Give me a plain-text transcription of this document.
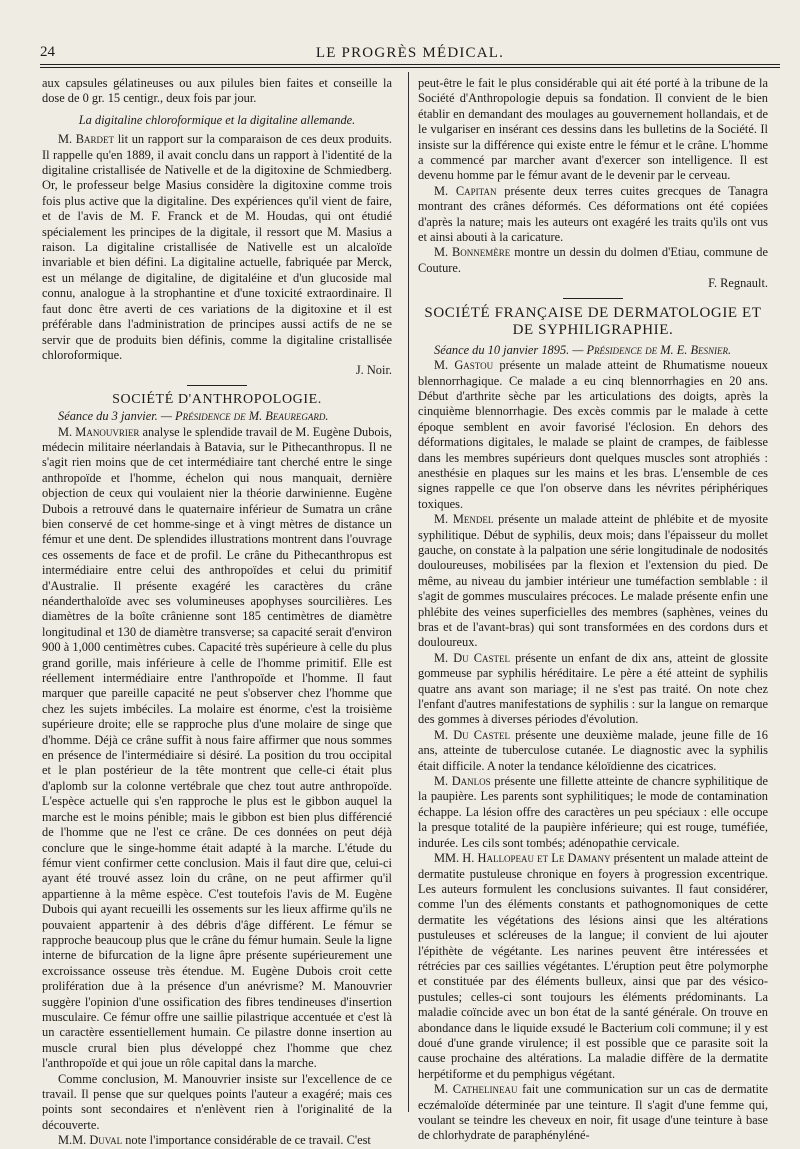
24	LE PROGRÈS MÉDICAL.

aux capsules gélatineuses ou aux pilules bien faites et conseille la dose de 0 gr. 15 centigr., deux fois par jour.

La digitaline chloroformique et la digitaline allemande.

M. Bardet lit un rapport sur la comparaison de ces deux produits. Il rappelle qu'en 1889, il avait conclu dans un rapport à l'identité de la digitaline cristallisée de Nativelle et de la digitoxine de Schmiedberg. Or, le professeur belge Masius considère la digitoxine comme trois fois plus active que la digitaline. Des expériences qu'il vient de faire, et de l'avis de M. F. Franck et de M. Houdas, qui ont étudié spécialement les principes de la digitale, il ressort que M. Masius a raison. La digitaline cristallisée de Nativelle est un alcaloïde invariable et bien défini. La digitaline actuelle, fabriquée par Merck, est un mélange de digitaline, de digitaléine et d'un glucoside mal connu, analogue à la strophantine et d'une toxicité extraordinaire. Il faut donc être averti de ces variations de la digitoxine et il est préférable dans l'administration de principes aussi actifs de ne se servir que de produits bien définis, comme la digitaline cristallisée chloroformique.

J. Noir.

SOCIÉTÉ D'ANTHROPOLOGIE.

Séance du 3 janvier. — Présidence de M. Beauregard.

M. Manouvrier analyse le splendide travail de M. Eugène Dubois, médecin militaire néerlandais à Batavia, sur le Pithecanthropus. Il ne s'agit rien moins que de cet intermédiaire tant cherché entre le singe anthropoïde et l'homme, échelon qui nous manquait, dernière objection de ceux qui voulaient nier la théorie darwinienne. Eugène Dubois a retrouvé dans le quaternaire inférieur de Sumatra un crâne bien conservé de cet homme-singe et à vingt mètres de distance un fémur et une dent. De splendides illustrations montrent dans l'ouvrage ces ossements de face et de profil. Le crâne du Pithecanthropus est intermédiaire entre celui des anthropoïdes et celui du primitif d'Australie. Il présente exagéré les caractères du crâne néanderthaloïde avec ses volumineuses apophyses sourcilières. Les diamètres de la boîte crânienne sont 185 centimètres de diamètre longitudinal et 130 de diamètre transverse; sa capacité serait d'environ 900 à 1,000 centimètres cubes. Capacité très supérieure à celle du plus grand gorille, mais inférieure à celle de l'homme primitif. Elle est réellement intermédiaire entre l'anthropoïde et l'homme. Il faut marquer que pareille capacité ne peut s'observer chez l'homme que chez les sujets imbéciles. La molaire est énorme, c'est la troisième supérieure droite; elle se rapproche plus d'une molaire de singe que d'homme. Déjà ce crâne suffit à nous faire affirmer que nous sommes en présence de l'intermédiaire si désiré. La position du trou occipital et le plan postérieur de la tête montrent que celle-ci était plus d'aplomb sur la colonne vertébrale que chez tout autre anthropoïde. L'espèce actuelle qui s'en rapproche le plus est le gibbon auquel la marche est le moins pénible; mais le gibbon est bien plus différencié de l'homme que ne l'est ce crâne. De ces données on peut déjà conclure que le singe-homme était adapté à la marche. L'étude du fémur vient confirmer cette conclusion. Mais il faut dire que, celui-ci ayant été trouvé assez loin du crâne, on ne peut affirmer qu'il appartienne à la même espèce. C'est toutefois l'avis de M. Eugène Dubois qui ayant recueilli les ossements sur les lieux affirme qu'ils ne pouvaient appartenir à des débris d'âge différent. Le fémur se rapproche beaucoup plus que le crâne du fémur humain. Seule la ligne interne de bifurcation de la ligne âpre présente supérieurement une excroissance osseuse très étendue. M. Eugène Dubois croit cette prolifération due à la présence d'un anévrisme? M. Manouvrier suggère l'opinion d'une ossification des fibres tendineuses d'insertion musculaire. Ce fémur offre une saillie pilastrique accentuée et c'est là un caractère essentiellement humain. Ce pilastre donne insertion au muscle crural bien plus développé chez l'homme que chez l'anthropoïde et qui joue un rôle capital dans la marche.

Comme conclusion, M. Manouvrier insiste sur l'excellence de ce travail. Il pense que sur quelques points l'auteur a exagéré; mais ces points sont secondaires et n'enlèvent rien à l'originalité de la découverte.

M.M. Duval note l'importance considérable de ce travail. C'est

peut-être le fait le plus considérable qui ait été porté à la tribune de la Société d'Anthropologie depuis sa fondation. Il convient de le bien établir en demandant des moulages au gouvernement hollandais, et de le vulgariser en insérant ces dessins dans les bulletins de la Société. Il insiste sur la différence qui existe entre le fémur et le crâne. L'homme a commencé par marcher avant d'exercer son intelligence. Il est devenu homme par le fémur avant de le devenir par le cerveau.

M. Capitan présente deux terres cuites grecques de Tanagra montrant des crânes déformés. Ces déformations ont été copiées d'après la nature; mais les auteurs ont exagéré les traits qu'ils ont vus et ainsi abouti à la caricature.

M. Bonnemère montre un dessin du dolmen d'Etiau, commune de Couture.

F. Regnault.

SOCIÉTÉ FRANÇAISE DE DERMATOLOGIE ET DE SYPHILIGRAPHIE.

Séance du 10 janvier 1895. — Présidence de M. E. Besnier.

M. Gastou présente un malade atteint de Rhumatisme noueux blennorrhagique. Ce malade a eu cinq blennorrhagies en 20 ans. Début d'arthrite sèche par les articulations des doigts, après la cinquième blennorrhagie. Des excès commis par le malade à cette époque semblent en avoir favorisé l'éclosion. En dehors des déformations digitales, le malade se plaint de crampes, de faiblesse dans les membres supérieurs dont quelques muscles sont atrophiés : anesthésie en plaques sur les mains et les bras. L'ensemble de ces signes rappelle ce que l'on observe dans les névrites périphériques toxiques.

M. Mendel présente un malade atteint de phlébite et de myosite syphilitique. Début de syphilis, deux mois; dans l'épaisseur du mollet gauche, on constate à la palpation une série longitudinale de nodosités douloureuses, mobilisées par la flexion et l'extension du pied. De même, au niveau du jambier intérieur une tuméfaction semblable : il s'agit de gommes musculaires précoces. Le malade présente enfin une phlébite des veines superficielles des membres (saphènes, veines du bras et de l'avant-bras) qui sont transformées en des cordons durs et douloureux.

M. Du Castel présente un enfant de dix ans, atteint de glossite gommeuse par syphilis héréditaire. Le père a été atteint de syphilis quatre ans avant son mariage; il ne s'est pas traité. On note chez l'enfant d'autres manifestations de syphilis : sur la langue on remarque des gommes à diverses périodes d'évolution.

M. Du Castel présente une deuxième malade, jeune fille de 16 ans, atteinte de tuberculose cutanée. Le diagnostic avec la syphilis était difficile. A noter la tendance kéloïdienne des cicatrices.

M. Danlos présente une fillette atteinte de chancre syphilitique de la paupière. Les parents sont syphilitiques; le mode de contamination échappe. La lésion offre des caractères un peu spéciaux : elle occupe la presque totalité de la paupière inférieure; qui est rouge, tuméfiée, indurée. Les cils sont tombés; adénopathie cervicale.

MM. H. Hallopeau et Le Damany présentent un malade atteint de dermatite pustuleuse chronique en foyers à progression excentrique. Les auteurs formulent les conclusions suivantes. Il faut considérer, comme l'un des éléments constants et pathognomoniques de cette dermatite les végétations des lésions ainsi que les altérations pustuleuses et scléreuses de la langue; il convient de lui ajouter l'épithète de végétante. Les narines peuvent être intéressées et rétrécies par ces saillies végétantes. L'éruption peut être polymorphe et constituée par des éléments bulleux, ainsi que par des vésico-pustules; celles-ci sont toujours les éléments prédominants. La maladie coïncide avec un bon état de la santé générale. On trouve en abondance dans le liquide exsudé le Bacterium coli commune; il y est doué d'une grande virulence; il est possible que ce parasite soit la cause prochaine des altérations. La maladie diffère de la dermatite herpétiforme et du pemphigus végétant.

M. Cathelineau fait une communication sur un cas de dermatite eczémaloïde déterminée par une teinture. Il s'agit d'une femme qui, voulant se teindre les cheveux en noir, fit usage d'une teinture à base de chlorhydrate de paraphényléné-
